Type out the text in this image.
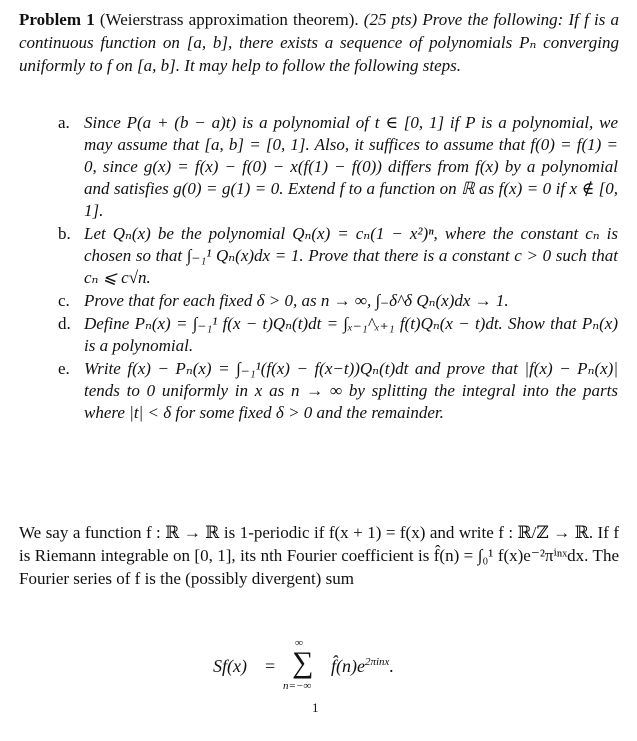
Problem 1 (Weierstrass approximation theorem). (25 pts) Prove the following: If f is a continuous function on [a, b], there exists a sequence of polynomials Pₙ converging uniformly to f on [a, b]. It may help to follow the following steps.
a. Since P(a + (b − a)t) is a polynomial of t ∈ [0, 1] if P is a polynomial, we may assume that [a, b] = [0, 1]. Also, it suffices to assume that f(0) = f(1) = 0, since g(x) = f(x) − f(0) − x(f(1) − f(0)) differs from f(x) by a polynomial and satisfies g(0) = g(1) = 0. Extend f to a function on ℝ as f(x) = 0 if x ∉ [0, 1].
b. Let Qₙ(x) be the polynomial Qₙ(x) = cₙ(1 − x²)ⁿ, where the constant cₙ is chosen so that ∫₋₁¹ Qₙ(x)dx = 1. Prove that there is a constant c > 0 such that cₙ ⩽ c√n.
c. Prove that for each fixed δ > 0, as n → ∞, ∫₋δ^δ Qₙ(x)dx → 1.
d. Define Pₙ(x) = ∫₋₁¹ f(x − t)Qₙ(t)dt = ∫ₓ₋₁^ₓ₊₁ f(t)Qₙ(x − t)dt. Show that Pₙ(x) is a polynomial.
e. Write f(x) − Pₙ(x) = ∫₋₁¹(f(x) − f(x−t))Qₙ(t)dt and prove that |f(x) − Pₙ(x)| tends to 0 uniformly in x as n → ∞ by splitting the integral into the parts where |t| < δ for some fixed δ > 0 and the remainder.
We say a function f : ℝ → ℝ is 1-periodic if f(x + 1) = f(x) and write f : ℝ/ℤ → ℝ. If f is Riemann integrable on [0, 1], its nth Fourier coefficient is f̂(n) = ∫₀¹ f(x)e⁻²πⁱⁿˣdx. The Fourier series of f is the (possibly divergent) sum
Sf(x) =
∞
∑
n=−∞
$f̂(n)e^{2\pi inx}$.
1
